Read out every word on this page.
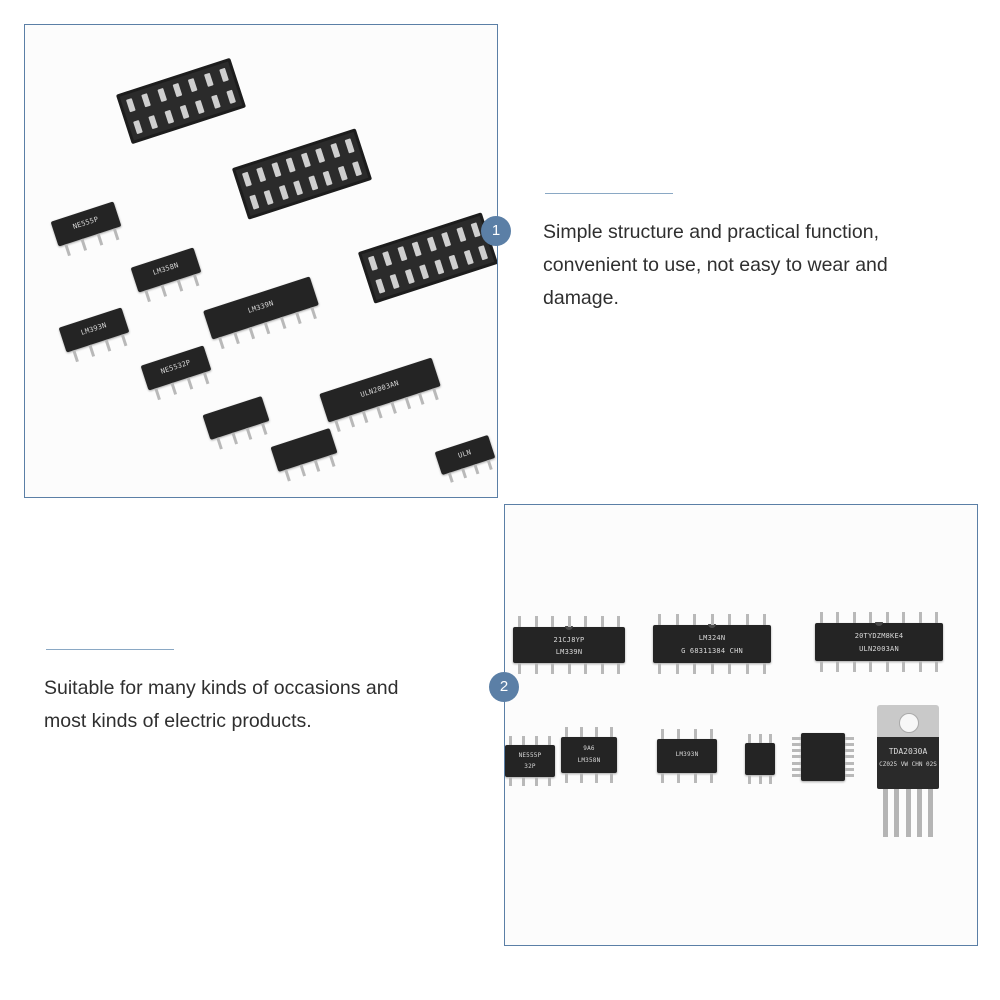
NE555P
LM358N
LM393N
NE5532P
LM339N
ULN2003AN
ULN
21CJ8YP
LM339N
LM324N
G 68311384 CHN
20TYDZM8KE4
ULN2003AN
NE555P
32P
9A6
LM358N
LM393N	TDA2030A
CZ025 VW CHN 02S
1	Simple structure and practical function, convenient to use, not easy to wear and damage.
2
Suitable for many kinds of occasions and most kinds of electric products.
